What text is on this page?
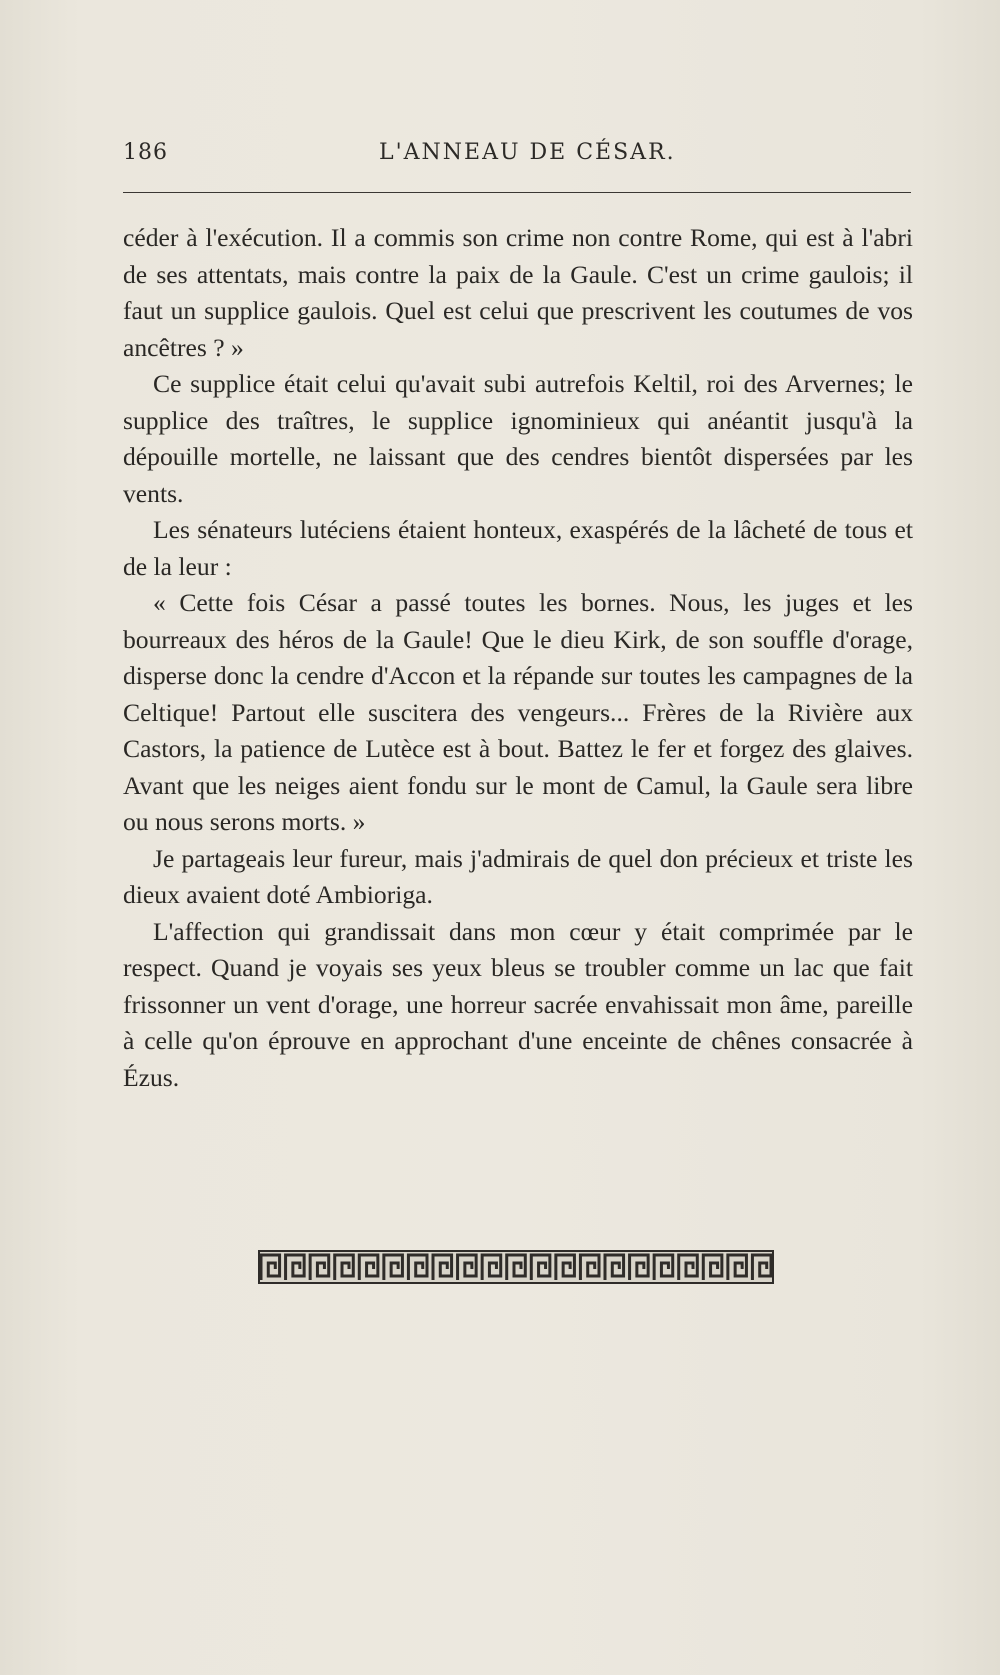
186	L'ANNEAU DE CÉSAR.

céder à l'exécution. Il a commis son crime non contre Rome, qui est à l'abri de ses attentats, mais contre la paix de la Gaule. C'est un crime gaulois; il faut un supplice gaulois. Quel est celui que prescrivent les coutumes de vos ancêtres ? »

Ce supplice était celui qu'avait subi autrefois Keltil, roi des Arvernes; le supplice des traîtres, le supplice ignominieux qui anéantit jusqu'à la dépouille mortelle, ne laissant que des cendres bientôt dispersées par les vents.

Les sénateurs lutéciens étaient honteux, exaspérés de la lâcheté de tous et de la leur :

« Cette fois César a passé toutes les bornes. Nous, les juges et les bourreaux des héros de la Gaule! Que le dieu Kirk, de son souffle d'orage, disperse donc la cendre d'Accon et la répande sur toutes les campagnes de la Celtique! Partout elle suscitera des vengeurs... Frères de la Rivière aux Castors, la patience de Lutèce est à bout. Battez le fer et forgez des glaives. Avant que les neiges aient fondu sur le mont de Camul, la Gaule sera libre ou nous serons morts. »

Je partageais leur fureur, mais j'admirais de quel don précieux et triste les dieux avaient doté Ambioriga.

L'affection qui grandissait dans mon cœur y était comprimée par le respect. Quand je voyais ses yeux bleus se troubler comme un lac que fait frissonner un vent d'orage, une horreur sacrée envahissait mon âme, pareille à celle qu'on éprouve en approchant d'une enceinte de chênes consacrée à Ézus.
